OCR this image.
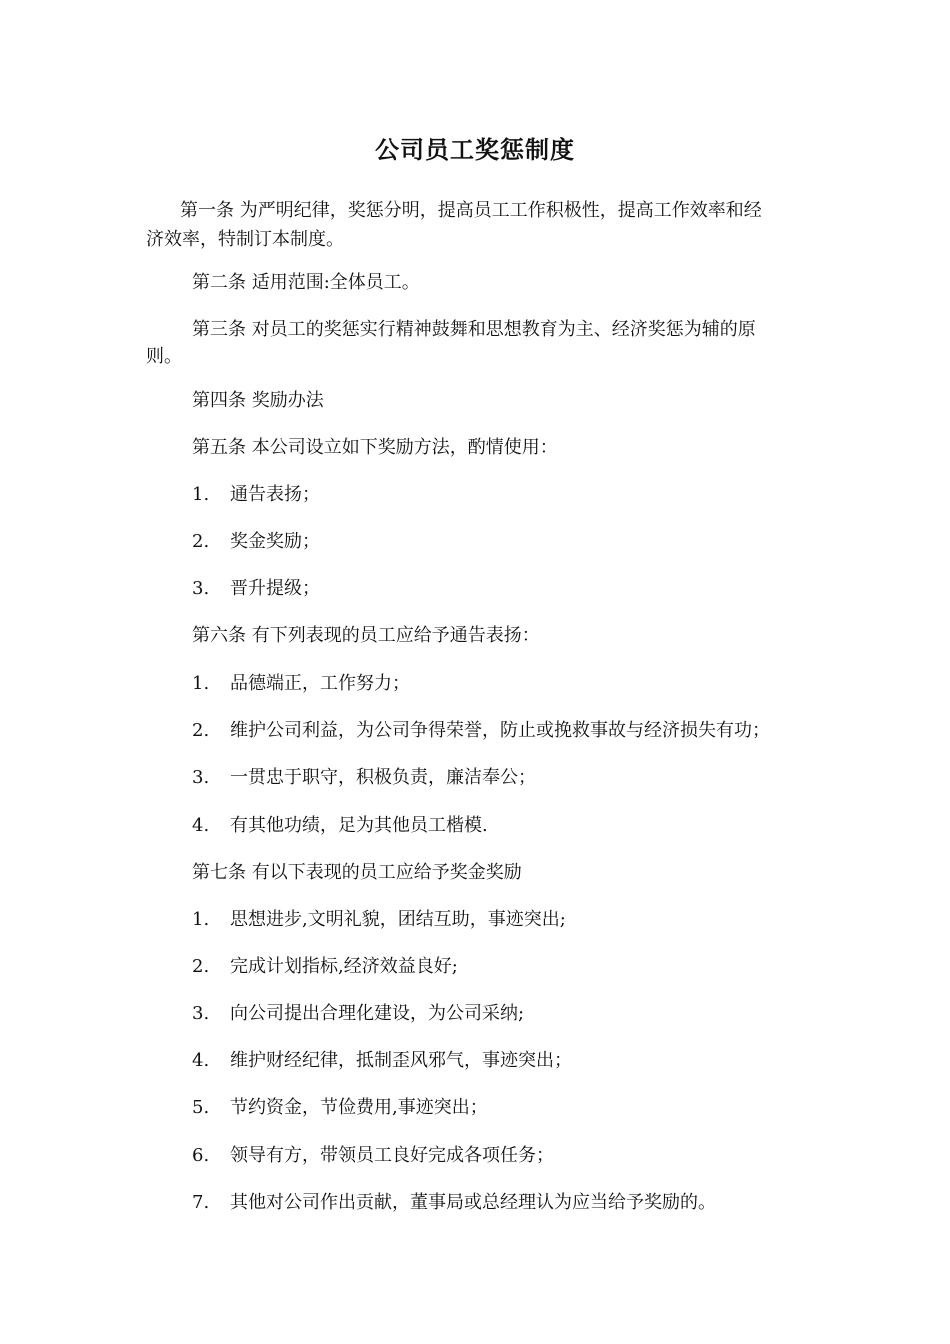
公司员工奖惩制度
第一条 为严明纪律，奖惩分明，提高员工工作积极性，提高工作效率和经
济效率，特制订本制度。
第二条 适用范围:全体员工。
第三条 对员工的奖惩实行精神鼓舞和思想教育为主、经济奖惩为辅的原
则。
第四条 奖励办法
第五条 本公司设立如下奖励方法，酌情使用：
1. 通告表扬；
2. 奖金奖励；
3. 晋升提级；
第六条 有下列表现的员工应给予通告表扬：
1. 品德端正，工作努力；
2. 维护公司利益，为公司争得荣誉，防止或挽救事故与经济损失有功；
3. 一贯忠于职守，积极负责，廉洁奉公；
4. 有其他功绩，足为其他员工楷模.
第七条 有以下表现的员工应给予奖金奖励
1. 思想进步,文明礼貌，团结互助，事迹突出;
2. 完成计划指标,经济效益良好;
3. 向公司提出合理化建设，为公司采纳;
4. 维护财经纪律，抵制歪风邪气，事迹突出；
5. 节约资金，节俭费用,事迹突出；
6. 领导有方，带领员工良好完成各项任务；
7. 其他对公司作出贡献，董事局或总经理认为应当给予奖励的。
